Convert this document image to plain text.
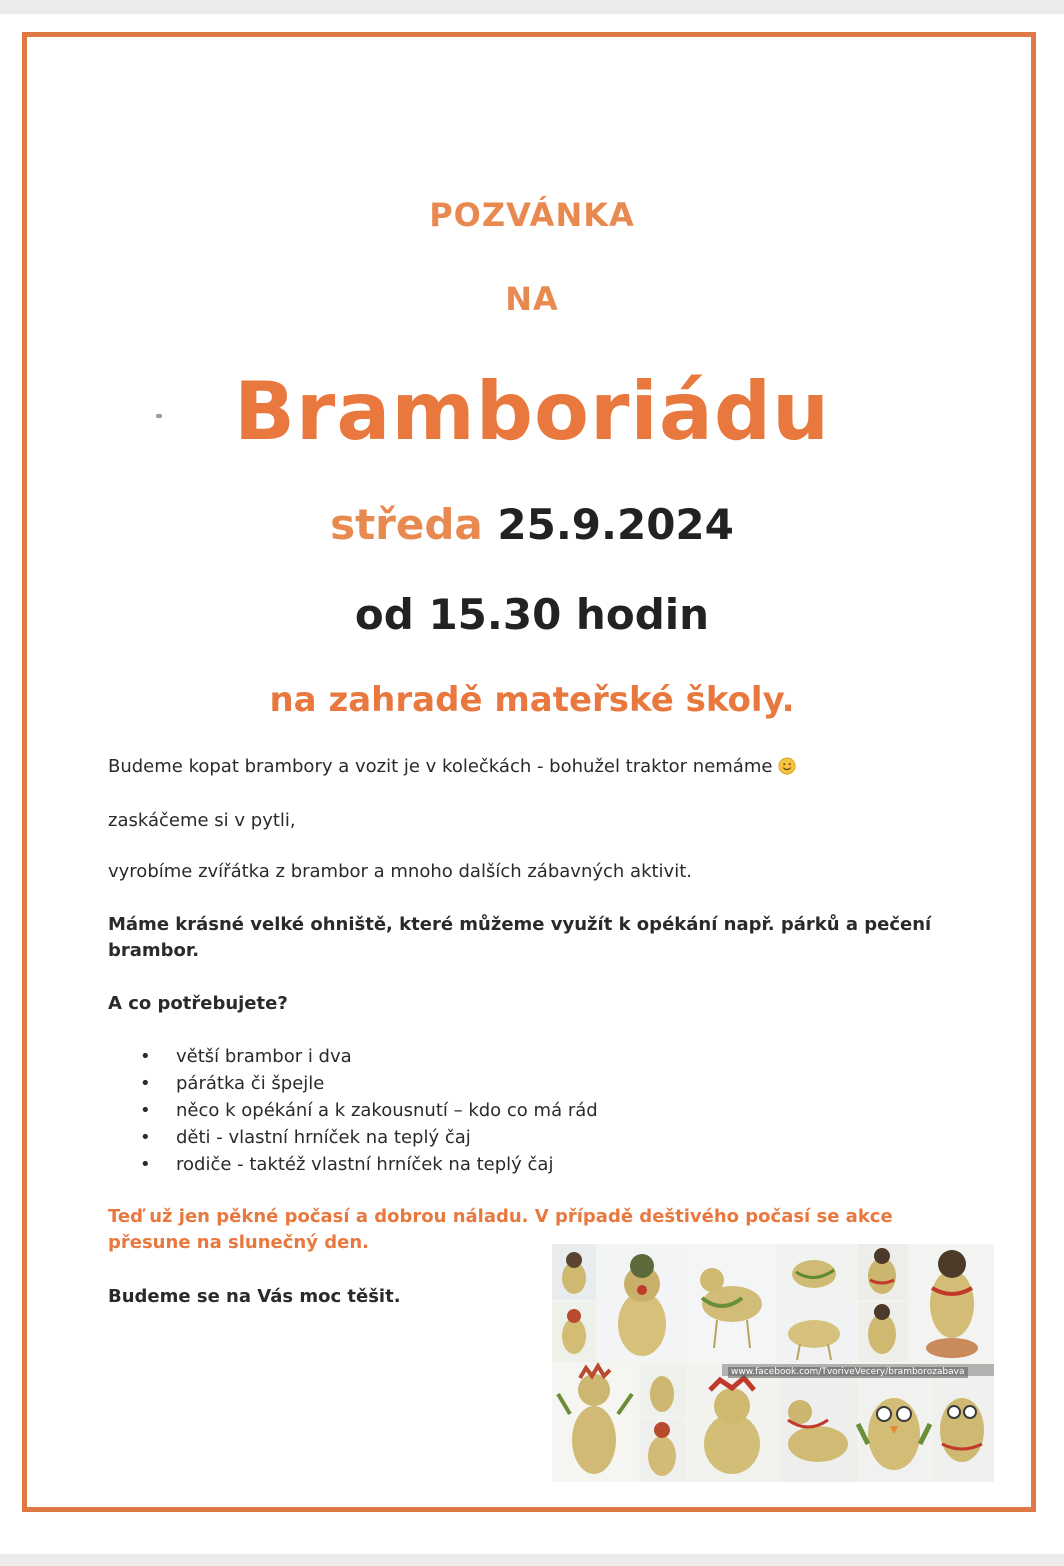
POZVÁNKA
NA
Bramboriádu
středa 25.9.2024
od 15.30 hodin
na zahradě mateřské školy.
Budeme kopat brambory a vozit je v kolečkách - bohužel traktor nemáme
zaskáčeme si v pytli,
vyrobíme zvířátka z brambor a mnoho dalších zábavných aktivit.
Máme krásné velké ohniště, které můžeme využít k opékání např. párků a pečení brambor.
A co potřebujete?
• větší brambor i dva
• párátka či špejle
• něco k opékání a k zakousnutí – kdo co má rád
• děti - vlastní hrníček na teplý čaj
• rodiče - taktéž vlastní hrníček na teplý čaj
Teď už jen pěkné počasí a dobrou náladu. V případě deštivého počasí se akce přesune na slunečný den.
Budeme se na Vás moc těšit.
www.facebook.com/TvoriveVecery/bramborozabava
